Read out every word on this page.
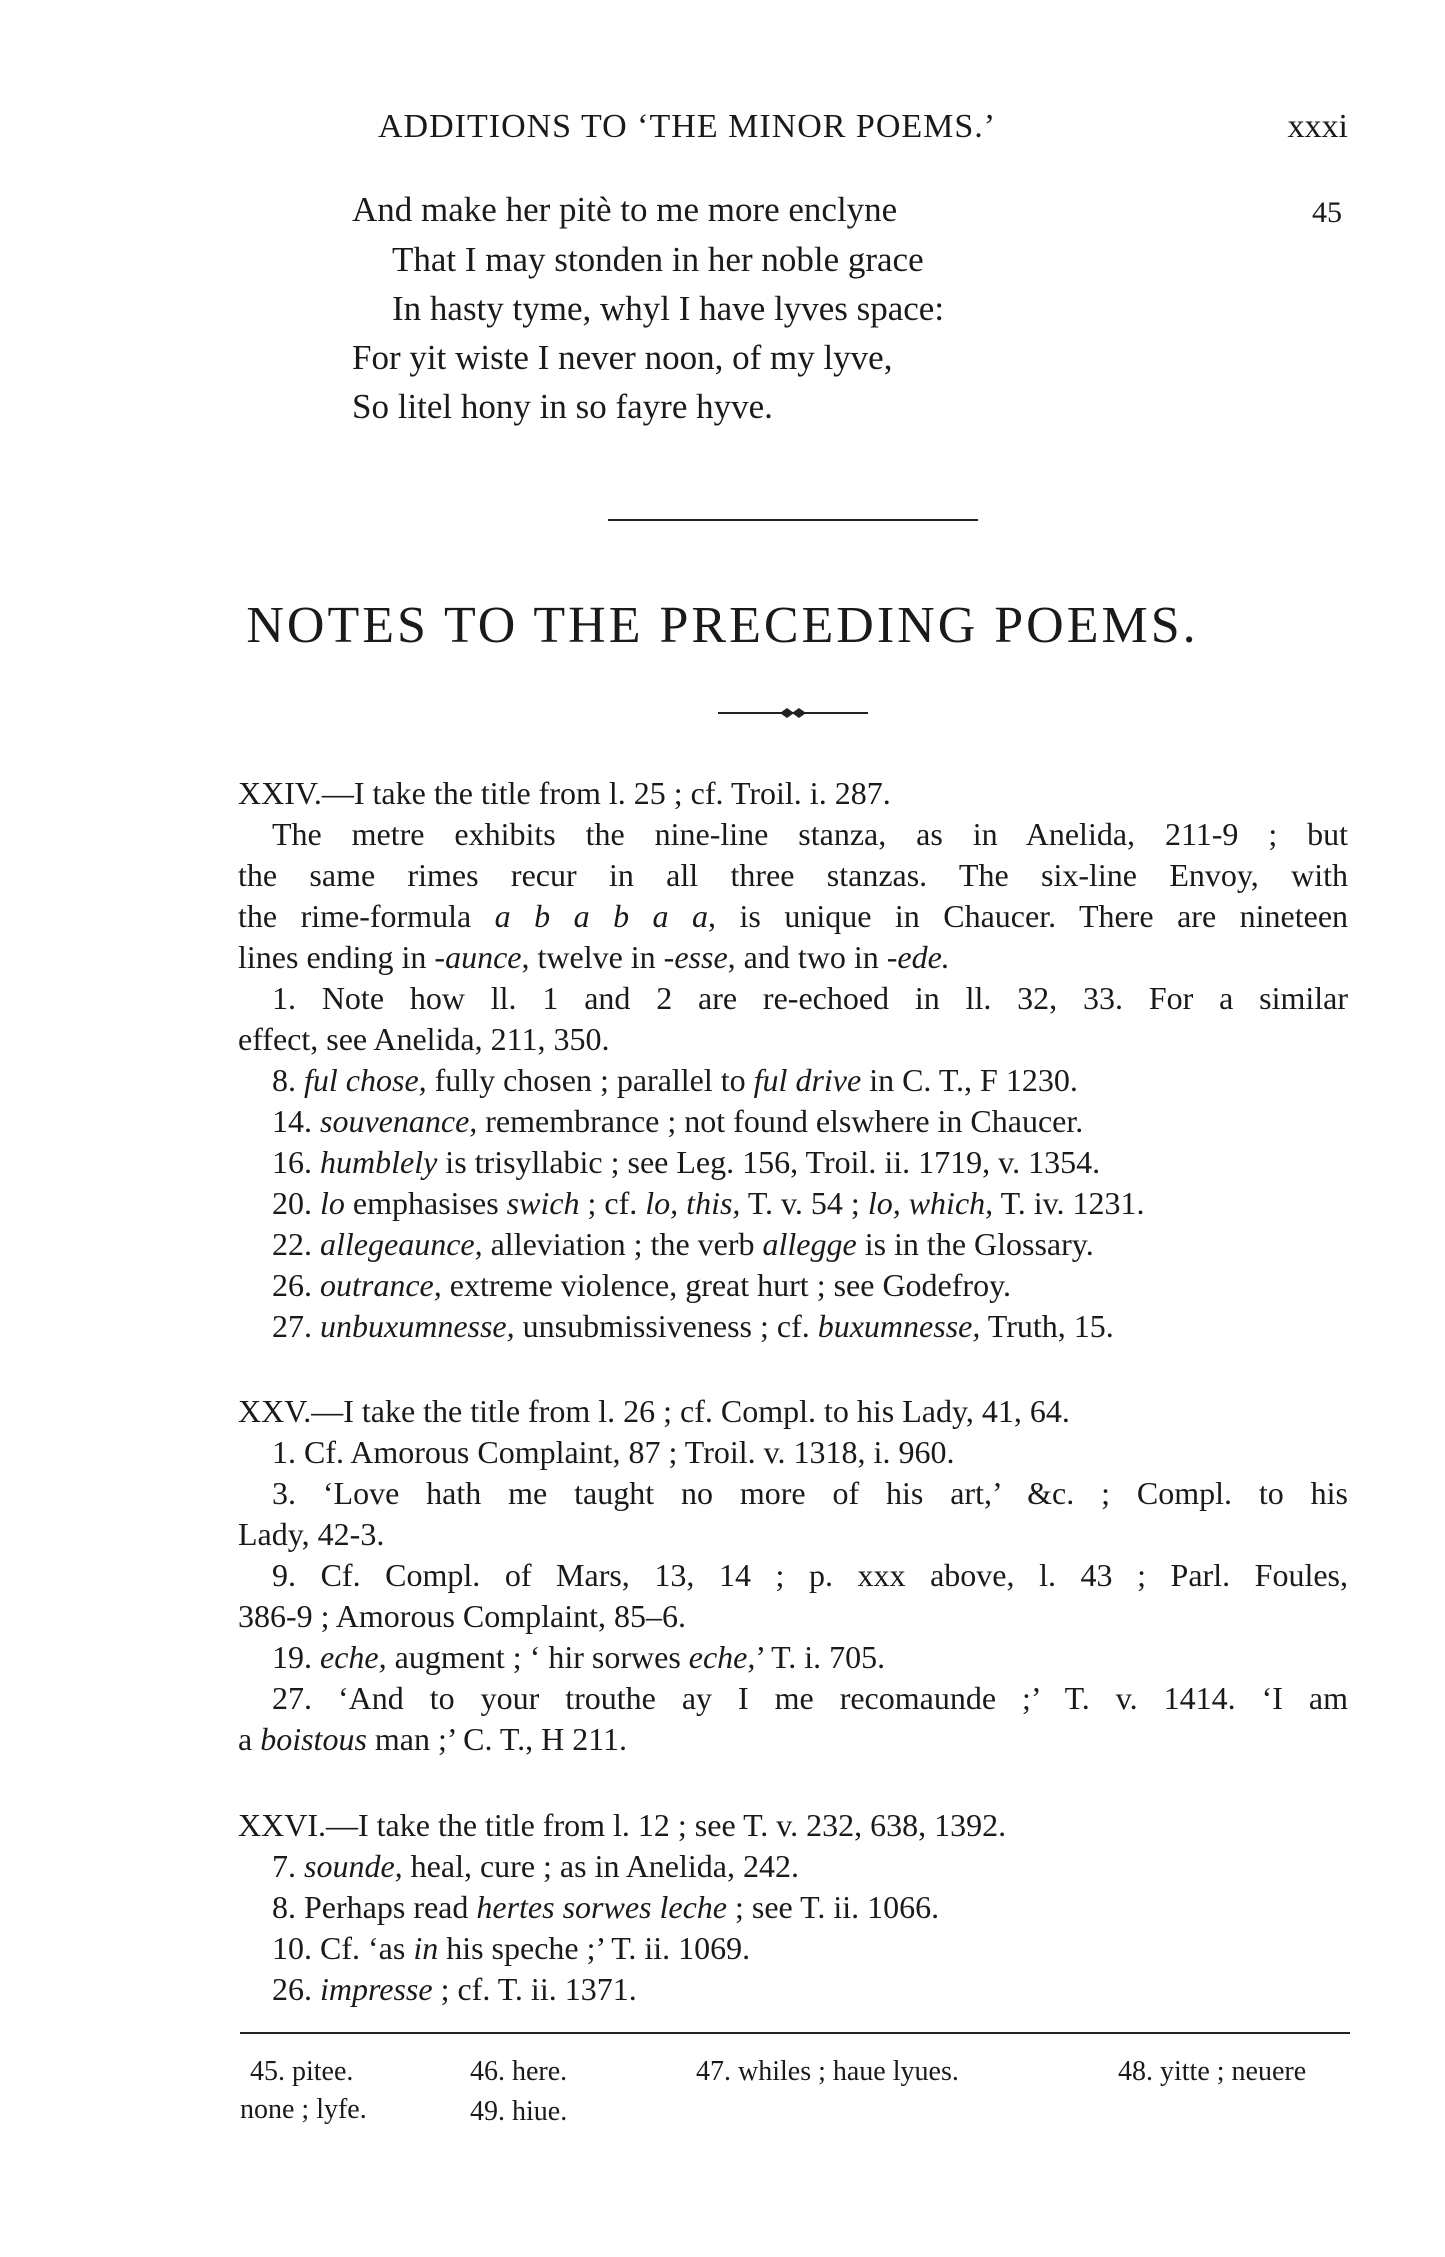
ADDITIONS TO ‘THE MINOR POEMS.’	xxxi
And make her pitè to me more enclyne	45
That I may stonden in her noble grace
In hasty tyme, whyl I have lyves space:
For yit wiste I never noon, of my lyve,
So litel hony in so fayre hyve.
NOTES TO THE PRECEDING POEMS.
XXIV.—I take the title from l. 25 ; cf. Troil. i. 287.
The metre exhibits the nine-line stanza, as in Anelida, 211-9 ; but
the same rimes recur in all three stanzas. The six-line Envoy, with
the rime-formula a b a b a a, is unique in Chaucer. There are nineteen
lines ending in -aunce, twelve in -esse, and two in -ede.
1. Note how ll. 1 and 2 are re-echoed in ll. 32, 33. For a similar
effect, see Anelida, 211, 350.
8. ful chose, fully chosen ; parallel to ful drive in C. T., F 1230.
14. souvenance, remembrance ; not found elswhere in Chaucer.
16. humblely is trisyllabic ; see Leg. 156, Troil. ii. 1719, v. 1354.
20. lo emphasises swich ; cf. lo, this, T. v. 54 ; lo, which, T. iv. 1231.
22. allegeaunce, alleviation ; the verb allegge is in the Glossary.
26. outrance, extreme violence, great hurt ; see Godefroy.
27. unbuxumnesse, unsubmissiveness ; cf. buxumnesse, Truth, 15.
XXV.—I take the title from l. 26 ; cf. Compl. to his Lady, 41, 64.
1. Cf. Amorous Complaint, 87 ; Troil. v. 1318, i. 960.
3. ‘Love hath me taught no more of his art,’ &c. ; Compl. to his
Lady, 42-3.
9. Cf. Compl. of Mars, 13, 14 ; p. xxx above, l. 43 ; Parl. Foules,
386-9 ; Amorous Complaint, 85–6.
19. eche, augment ; ‘ hir sorwes eche,’ T. i. 705.
27. ‘And to your trouthe ay I me recomaunde ;’ T. v. 1414. ‘I am
a boistous man ;’ C. T., H 211.
XXVI.—I take the title from l. 12 ; see T. v. 232, 638, 1392.
7. sounde, heal, cure ; as in Anelida, 242.
8. Perhaps read hertes sorwes leche ; see T. ii. 1066.
10. Cf. ‘as in his speche ;’ T. ii. 1069.
26. impresse ; cf. T. ii. 1371.
45. pitee.	46. here.	47. whiles ; haue lyues.	48. yitte ; neuere
none ; lyfe.	49. hiue.
